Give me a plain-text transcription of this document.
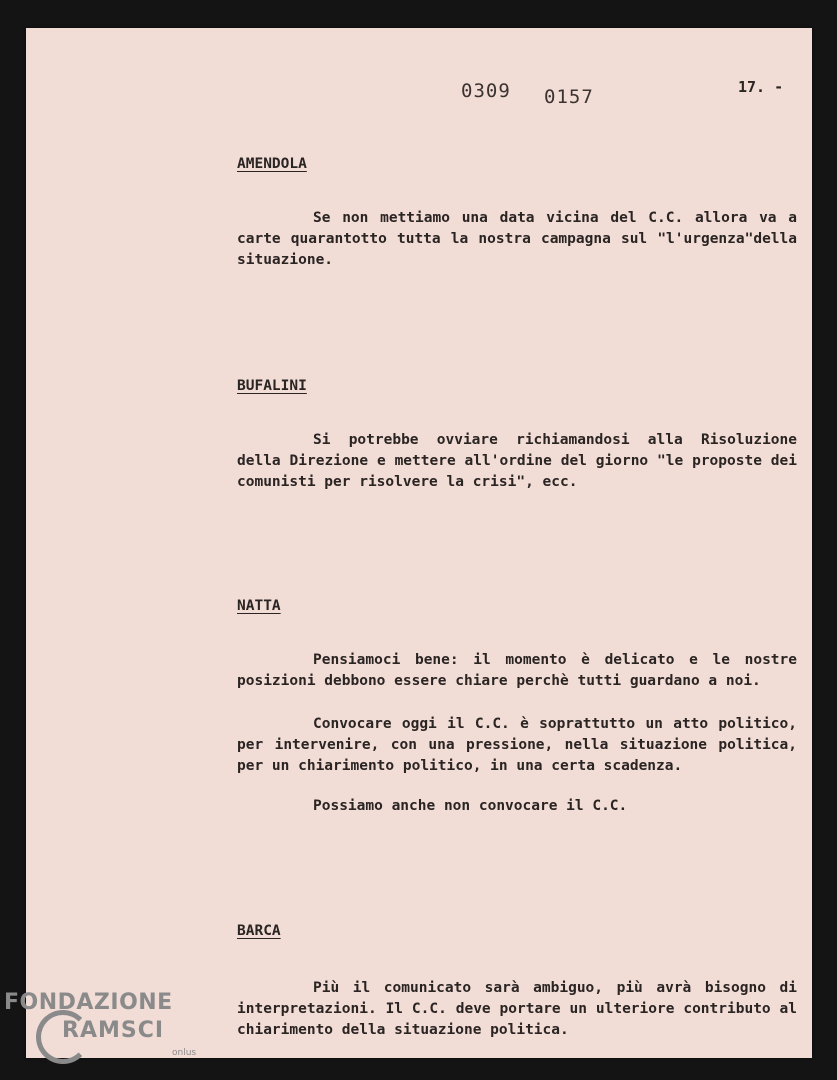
0309 0157	17. -
AMENDOLA

Se non mettiamo una data vicina del C.C. allora va a carte quarantotto tutta la nostra campagna sul "l'urgenza"della situazione.

BUFALINI

Si potrebbe ovviare richiamandosi alla Risoluzione della Direzione e mettere all'ordine del giorno "le proposte dei comunisti per risolvere la crisi", ecc.

NATTA

Pensiamoci bene: il momento è delicato e le nostre posizioni debbono essere chiare perchè tutti guardano a noi.

Convocare oggi il C.C. è soprattutto un atto politico, per intervenire, con una pressione, nella situazione politica, per un chiarimento politico, in una certa scadenza.

Possiamo anche non convocare il C.C.

BARCA

Più il comunicato sarà ambiguo, più avrà bisogno di interpretazioni. Il C.C. deve portare un ulteriore contributo al chiarimento della situazione politica.

FONDAZIONE
RAMSCI
onlus
